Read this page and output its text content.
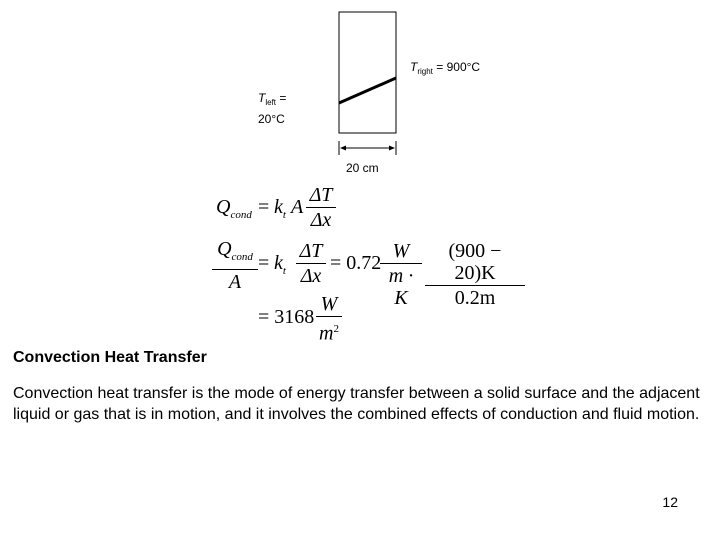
$T_{right} = 900^\circ C$
$T_{left}$ =
20°C
20 cm
$Q_{cond} = k_t$ A
ΔT
Δx
$Q_{cond}$
A
= $k_t$
ΔT
Δx
= 0.72
W
m · K
(900 − 20)K
0.2m
= 3168
W
$m^2$
Convection Heat Transfer
Convection heat transfer is the mode of energy transfer between a solid surface and the adjacent liquid or gas that is in motion, and it involves the combined effects of conduction and fluid motion.
12
